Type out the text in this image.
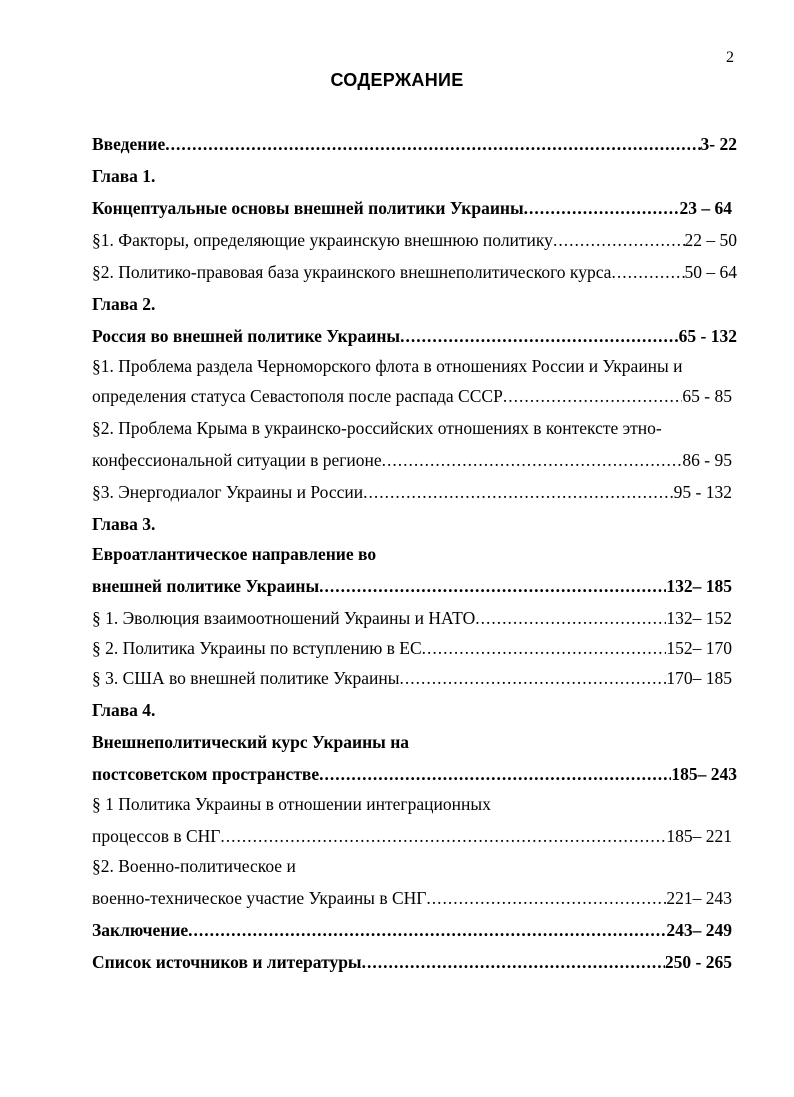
2
СОДЕРЖАНИЕ
Введение .....	3- 22
Глава 1.
Концептуальные основы внешней политики Украины .....	23 – 64
§1. Факторы, определяющие украинскую внешнюю политику .....	22 – 50
§2. Политико-правовая база украинского внешнеполитического курса .....	50 – 64
Глава 2.
Россия во внешней политике Украины .....	65 - 132
§1. Проблема раздела Черноморского флота в отношениях России и Украины и
определения статуса Севастополя после распада СССР .....	65 - 85
§2. Проблема Крыма в украинско-российских отношениях в контексте этно-
конфессиональной ситуации в регионе .....	86 - 95
§3. Энергодиалог Украины и России .....	95 - 132
Глава 3.
Евроатлантическое направление во
внешней политике Украины .....	132– 185
§ 1. Эволюция взаимоотношений Украины и НАТО .....	132– 152
§ 2. Политика Украины по вступлению в ЕС .....	152– 170
§ 3. США во внешней политике Украины .....	170– 185
Глава 4.
Внешнеполитический курс Украины на
постсоветском пространстве .....	185– 243
§ 1 Политика Украины в отношении интеграционных
процессов в СНГ .....	185– 221
§2. Военно-политическое и
военно-техническое участие Украины в СНГ .....	221– 243
Заключение .....	243– 249
Список источников и литературы .....	250 - 265
